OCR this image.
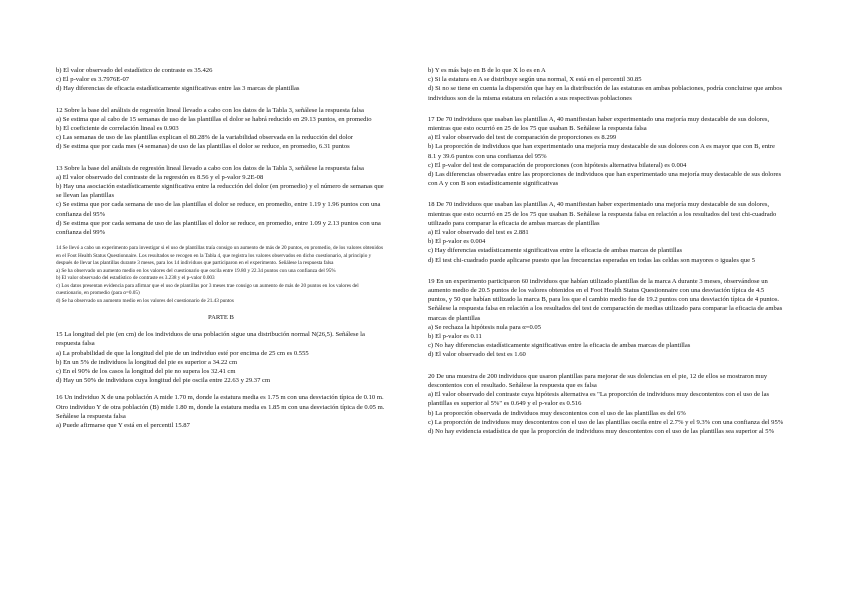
b) El valor observado del estadístico de contraste es 35.426

c) El p-valor es 3.7976E-07

d) Hay diferencias de eficacia estadísticamente significativas entre las 3 marcas de plantillas

12 Sobre la base del análisis de regresión lineal llevado a cabo con los datos de la Tabla 3, señálese la respuesta falsa

a) Se estima que al cabo de 15 semanas de uso de las plantillas el dolor se habrá reducido en 29.13 puntos, en promedio

b) El coeficiente de correlación lineal es 0.903

c) Las semanas de uso de las plantillas explican el 80.28% de la variabilidad observada en la reducción del dolor

d) Se estima que por cada mes (4 semanas) de uso de las plantillas el dolor se reduce, en promedio, 6.31 puntos

13 Sobre la base del análisis de regresión lineal llevado a cabo con los datos de la Tabla 3, señálese la respuesta falsa

a) El valor observado del contraste de la regresión es 8.56 y el p-valor 9.2E-08

b) Hay una asociación estadísticamente significativa entre la reducción del dolor (en promedio) y el número de semanas que se llevan las plantillas

c) Se estima que por cada semana de uso de las plantillas el dolor se reduce, en promedio, entre 1.19 y 1.96 puntos con una confianza del 95%

d) Se estima que por cada semana de uso de las plantillas el dolor se reduce, en promedio, entre 1.09 y 2.13 puntos con una confianza del 99%

14 Se llevó a cabo un experimento para investigar si el uso de plantillas traía consigo un aumento de más de 20 puntos, en promedio, de los valores obtenidos en el Foot Health Status Questionnaire. Los resultados se recogen en la Tabla 4, que registra los valores observados en dicho cuestionario, al principio y después de llevar las plantillas durante 3 meses, para los 14 individuos que participaron en el experimento. Señálese la respuesta falsa

a) Se ha observado un aumento medio en los valores del cuestionario que oscila entre 19.80 y 22.34 puntos con una confianza del 95%

b) El valor observado del estadístico de contraste es 3.238 y el p-valor 0.003

c) Los datos presentan evidencia para afirmar que el uso de plantillas por 3 meses trae consigo un aumento de más de 20 puntos en los valores del cuestionario, en promedio (para α=0.05)

d) Se ha observado un aumento medio en los valores del cuestionario de 21.43 puntos

PARTE B

15 La longitud del pie (en cm) de los individuos de una población sigue una distribución normal N(26,5). Señálese la respuesta falsa

a) La probabilidad de que la longitud del pie de un individuo esté por encima de 25 cm es 0.555

b) En un 5% de individuos la longitud del pie es superior a 34.22 cm

c) En el 90% de los casos la longitud del pie no supera los 32.41 cm

d) Hay un 50% de individuos cuya longitud del pie oscila entre 22.63 y 29.37 cm

16 Un individuo X de una población A mide 1.70 m, donde la estatura media es 1.75 m con una desviación típica de 0.10 m. Otro individuo Y de otra población (B) mide 1.80 m, donde la estatura media es 1.85 m con una desviación típica de 0.05 m. Señálese la respuesta falsa

a) Puede afirmarse que Y está en el percentil 15.87

b) Y es más bajo en B de lo que X lo es en A

c) Si la estatura en A se distribuye según una normal, X está en el percentil 30.85

d) Si no se tiene en cuenta la dispersión que hay en la distribución de las estaturas en ambas poblaciones, podría concluirse que ambos individuos son de la misma estatura en relación a sus respectivas poblaciones

17 De 70 individuos que usaban las plantillas A, 40 manifiestan haber experimentado una mejoría muy destacable de sus dolores, mientras que esto ocurrió en 25 de los 75 que usaban B. Señálese la respuesta falsa

a) El valor observado del test de comparación de proporciones es 8.299

b) La proporción de individuos que han experimentado una mejoría muy destacable de sus dolores con A es mayor que con B, entre 8.1 y 39.6 puntos con una confianza del 95%

c) El p-valor del test de comparación de proporciones (con hipótesis alternativa bilateral) es 0.004

d) Las diferencias observadas entre las proporciones de individuos que han experimentado una mejoría muy destacable de sus dolores con A y con B son estadísticamente significativas

18 De 70 individuos que usaban las plantillas A, 40 manifiestan haber experimentado una mejoría muy destacable de sus dolores, mientras que esto ocurrió en 25 de los 75 que usaban B. Señálese la respuesta falsa en relación a los resultados del test chi-cuadrado utilizado para comparar la eficacia de ambas marcas de plantillas

a) El valor observado del test es 2.881

b) El p-valor es 0.004

c) Hay diferencias estadísticamente significativas entre la eficacia de ambas marcas de plantillas

d) El test chi-cuadrado puede aplicarse puesto que las frecuencias esperadas en todas las celdas son mayores o iguales que 5

19 En un experimento participaron 60 individuos que habían utilizado plantillas de la marca A durante 3 meses, observándose un aumento medio de 20.5 puntos de los valores obtenidos en el Foot Health Status Questionnaire con una desviación típica de 4.5 puntos, y 50 que habían utilizado la marca B, para los que el cambio medio fue de 19.2 puntos con una desviación típica de 4 puntos. Señálese la respuesta falsa en relación a los resultados del test de comparación de medias utilizado para comparar la eficacia de ambas marcas de plantillas

a) Se rechaza la hipótesis nula para α=0.05

b) El p-valor es 0.11

c) No hay diferencias estadísticamente significativas entre la eficacia de ambas marcas de plantillas

d) El valor observado del test es 1.60

20 De una muestra de 200 individuos que usaron plantillas para mejorar de sus dolencias en el pie, 12 de ellos se mostraron muy descontentos con el resultado. Señálese la respuesta que es falsa

a) El valor observado del contraste cuya hipótesis alternativa es "La proporción de individuos muy descontentos con el uso de las plantillas es superior al 5%" es 0.649 y el p-valor es 0.516

b) La proporción observada de individuos muy descontentos con el uso de las plantillas es del 6%

c) La proporción de individuos muy descontentos con el uso de las plantillas oscila entre el 2.7% y el 9.3% con una confianza del 95%

d) No hay evidencia estadística de que la proporción de individuos muy descontentos con el uso de las plantillas sea superior al 5%
